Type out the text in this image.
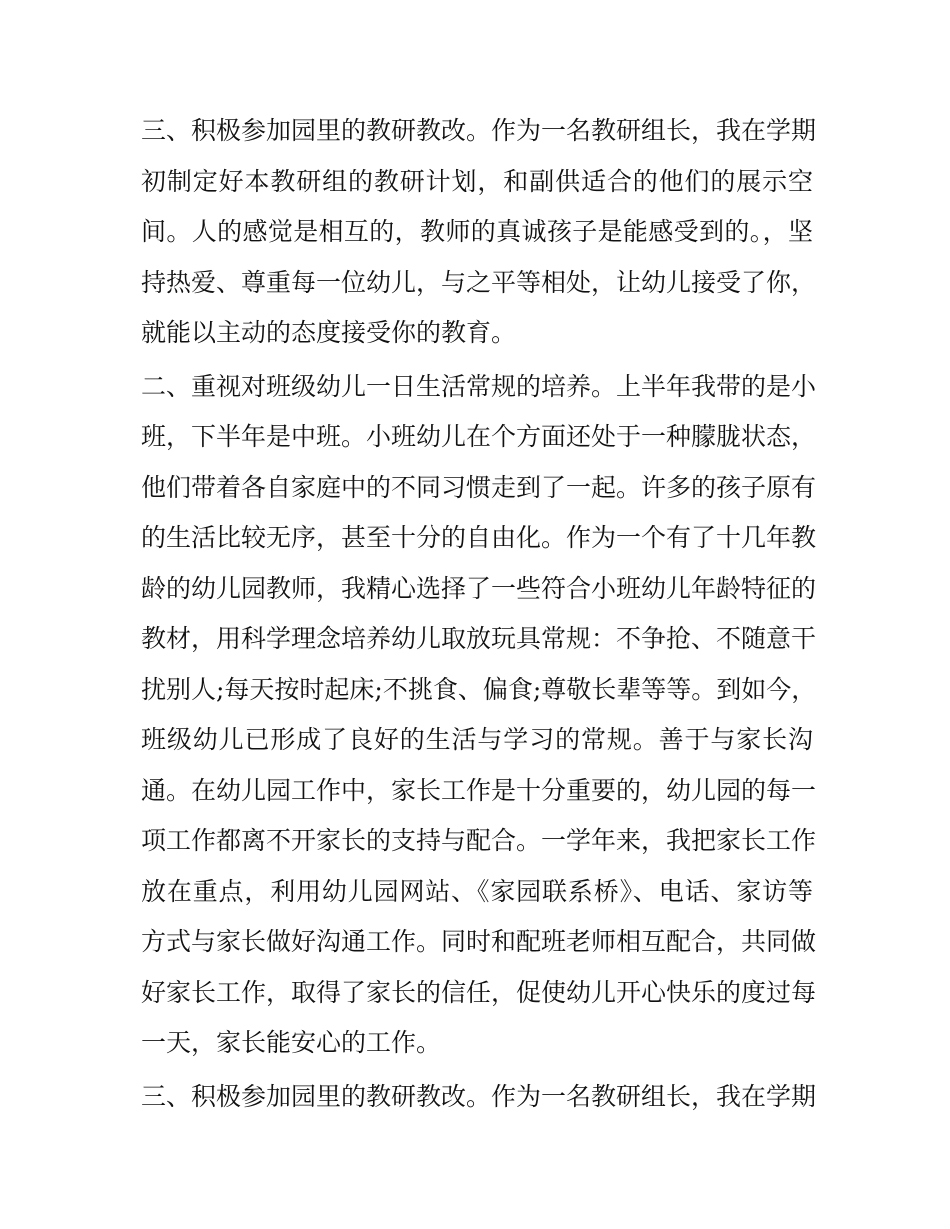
三、积极参加园里的教研教改。作为一名教研组长，我在学期
初制定好本教研组的教研计划，和副供适合的他们的展示空
间。人的感觉是相互的，教师的真诚孩子是能感受到的。，坚
持热爱、尊重每一位幼儿，与之平等相处，让幼儿接受了你，
就能以主动的态度接受你的教育。
二、重视对班级幼儿一日生活常规的培养。上半年我带的是小
班，下半年是中班。小班幼儿在个方面还处于一种朦胧状态，
他们带着各自家庭中的不同习惯走到了一起。许多的孩子原有
的生活比较无序，甚至十分的自由化。作为一个有了十几年教
龄的幼儿园教师，我精心选择了一些符合小班幼儿年龄特征的
教材，用科学理念培养幼儿取放玩具常规：不争抢、不随意干
扰别人;每天按时起床;不挑食、偏食;尊敬长辈等等。到如今，
班级幼儿已形成了良好的生活与学习的常规。善于与家长沟
通。在幼儿园工作中，家长工作是十分重要的，幼儿园的每一
项工作都离不开家长的支持与配合。一学年来，我把家长工作
放在重点，利用幼儿园网站、《家园联系桥》、电话、家访等
方式与家长做好沟通工作。同时和配班老师相互配合，共同做
好家长工作，取得了家长的信任，促使幼儿开心快乐的度过每
一天，家长能安心的工作。
三、积极参加园里的教研教改。作为一名教研组长，我在学期
